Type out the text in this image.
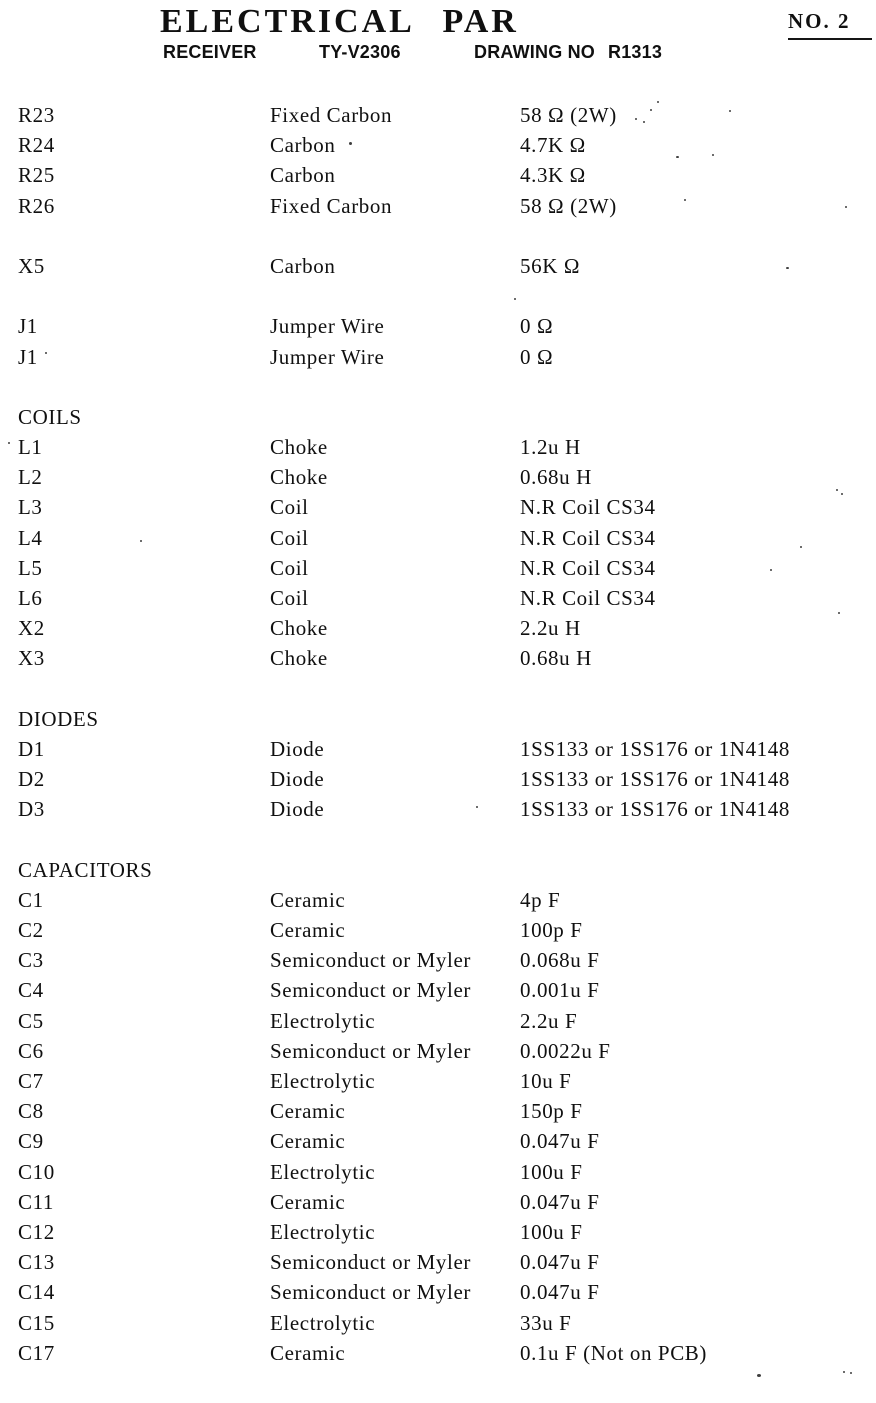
ELECTRICAL PAR	NO. 2
RECEIVER	TY-V2306	DRAWING NO R1313
R23	Fixed Carbon	58 Ω (2W)
R24	Carbon	4.7K Ω
R25	Carbon	4.3K Ω
R26	Fixed Carbon	58 Ω (2W)
X5	Carbon	56K Ω
J1	Jumper Wire	0 Ω
J1	Jumper Wire	0 Ω
COILS
L1	Choke	1.2u H
L2	Choke	0.68u H
L3	Coil	N.R Coil CS34
L4	Coil	N.R Coil CS34
L5	Coil	N.R Coil CS34
L6	Coil	N.R Coil CS34
X2	Choke	2.2u H
X3	Choke	0.68u H
DIODES
D1	Diode	1SS133 or 1SS176 or 1N4148
D2	Diode	1SS133 or 1SS176 or 1N4148
D3	Diode	1SS133 or 1SS176 or 1N4148
CAPACITORS
C1	Ceramic	4p F
C2	Ceramic	100p F
C3	Semiconduct or Myler 0.068u F
C4	Semiconduct or Myler 0.001u F
C5	Electrolytic	2.2u F
C6	Semiconduct or Myler 0.0022u F
C7	Electrolytic	10u F
C8	Ceramic	150p F
C9	Ceramic	0.047u F
C10	Electrolytic	100u F
C11	Ceramic	0.047u F
C12	Electrolytic	100u F
C13	Semiconduct or Myler 0.047u F
C14	Semiconduct or Myler 0.047u F
C15	Electrolytic	33u F
C17	Ceramic	0.1u F (Not on PCB)
